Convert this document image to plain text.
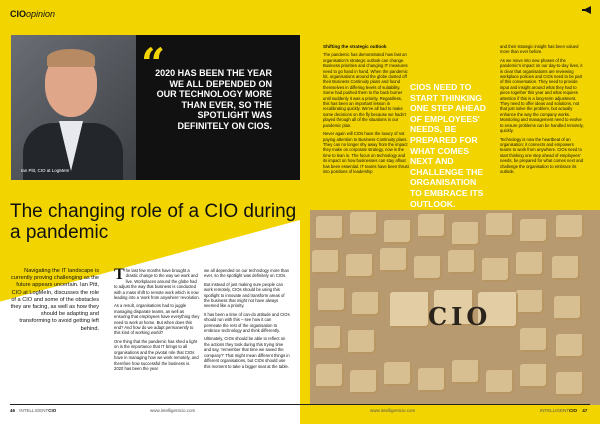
CIOopinion
Ian Pitt, CIO at LogMeIn
“
2020 HAS BEEN THE YEAR WE ALL DEPENDED ON OUR TECHNOLOGY MORE THAN EVER, SO THE SPOTLIGHT WAS DEFINITELY ON CIOS.
The changing role of a CIO during a pandemic
Navigating the IT landscape is currently proving challenging as the future appears uncertain. Ian Pitt, CIO at LogMeIn, discusses the role of a CIO and some of the obstacles they are facing, as well as how they should be adapting and transforming to avoid getting left behind.

The last few months have brought a drastic change to the way we work and live. Workplaces around the globe had to adjust the way that business is conducted with a mass shift to remote work which is now leading into a 'work from anywhere' revolution.

As a result, organisations had to juggle managing disparate teams, as well as ensuring that employees have everything they need to work at home. But when does this end? And how do we adapt permanently to this kind of working world?

One thing that the pandemic has shed a light on is the importance that IT brings to all organisations and the pivotal role that CIOs have in managing how we work remotely, and therefore how successful the business is. 2020 has been the year

we all depended on our technology more than ever, so the spotlight was definitely on CIOs.

But instead of just making sure people can work remotely, CIOs should be using this spotlight to innovate and transform areas of the business that might not have always seemed like a priority.

It has been a time of can-do attitude and CIOs should run with this – see how it can permeate the rest of the organisation to embrace technology and think differently.

Ultimately, CIOs should be able to reflect on the actions they took during this trying time and say, 'remember that time we saved the company?' That might mean different things in different organisations, but CIOs should use this moment to take a bigger seat at the table.

46 INTELLIGENTCIO	www.intelligentcio.com
Shifting the strategic outlook

The pandemic has demonstrated how fast an organisation's strategic outlook can change. Business priorities and changing IT measures need to go hand in hand. When the pandemic hit, organisations around the globe dusted off their Business Continuity plans and found themselves in differing levels of suitability. Some had pushed them to the back burner until suddenly it was a priority. Regardless, this has been an important lesson in recalibrating quickly. We've all had to make some decisions on the fly because we hadn't played through all of the situations in our pandemic plan.

Never again will CIOs have the luxury of not paying attention to Business Continuity plans. They can no longer shy away from the impact they make on corporate strategy, now is the time to lean in. The focus on technology and its impact on how businesses can stay afloat has been essential. IT teams have been thrust into positions of leadership

“
CIOS NEED TO START THINKING ONE STEP AHEAD OF EMPLOYEES' NEEDS, BE PREPARED FOR WHAT COMES NEXT AND CHALLENGE THE ORGANISATION TO EMBRACE ITS OUTLOOK.

and their strategic insight has been valued more than ever before.

As we move into new phases of the pandemic's impact on our day-to-day lives, it is clear that organisations are reviewing workplace policies and CIOs need to be part of this conversation. They need to provide input and insight around what they had to piece together this year and what requires attention if this is a long-term adjustment. They need to offer ideas and solutions, not that just solve the problem, but actually enhance the way the company works. Monitoring and management need to evolve to ensure problems can be handled remotely, quickly.

Technology is now the heartbeat of an organisation; it connects and empowers teams to work from anywhere. CIOs need to start thinking one step ahead of employees' needs, be prepared for what comes next and challenge the organisation to embrace its outlook.

CIO
www.intelligentcio.com	INTELLIGENTCIO 47
